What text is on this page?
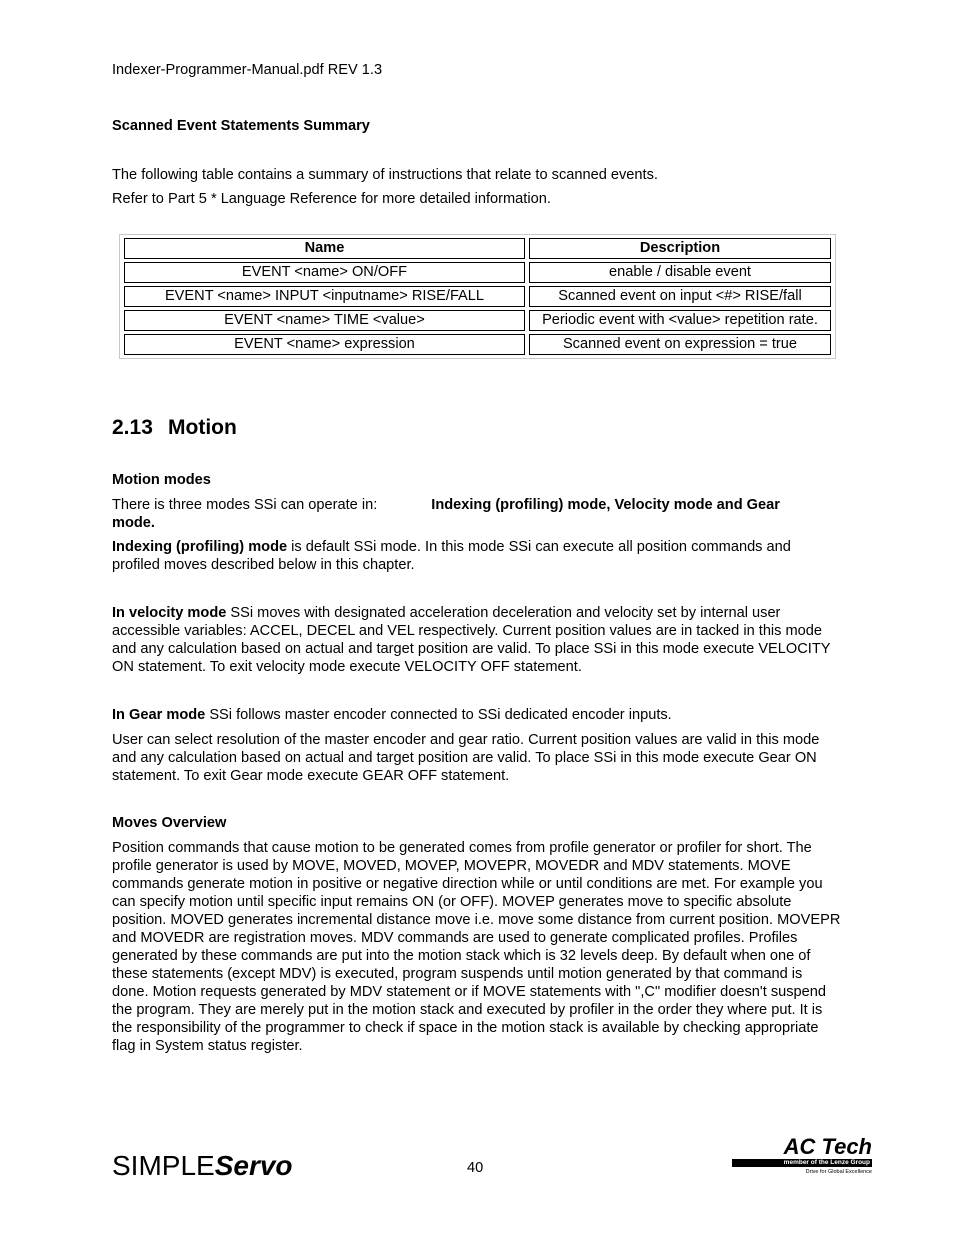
Indexer-Programmer-Manual.pdf REV 1.3
Scanned Event Statements Summary
The following table contains a summary of instructions that relate to scanned events.
Refer to Part 5 * Language Reference for more detailed information.
Name	Description
EVENT <name> ON/OFF	enable / disable event
EVENT <name> INPUT <inputname> RISE/FALL	Scanned event on input <#> RISE/fall
EVENT <name> TIME <value>	Periodic event with <value> repetition rate.
EVENT <name> expression	Scanned event on expression = true
2.13 Motion
Motion modes
There is three modes SSi can operate in:	Indexing (profiling) mode, Velocity mode and Gear
mode.
Indexing (profiling) mode is default SSi mode. In this mode SSi can execute all position commands and profiled moves described below in this chapter.
In velocity mode SSi moves with designated acceleration deceleration and velocity set by internal user accessible variables: ACCEL, DECEL and VEL respectively. Current position values are in tacked in this mode and any calculation based on actual and target position are valid. To place SSi in this mode execute VELOCITY ON statement. To exit velocity mode execute VELOCITY OFF statement.
In Gear mode SSi follows master encoder connected to SSi dedicated encoder inputs.
User can select resolution of the master encoder and gear ratio. Current position values are valid in this mode and any calculation based on actual and target position are valid. To place SSi in this mode execute Gear ON statement. To exit Gear mode execute GEAR OFF statement.
Moves Overview
Position commands that cause motion to be generated comes from profile generator or profiler for short. The profile generator is used by MOVE, MOVED, MOVEP, MOVEPR, MOVEDR and MDV statements. MOVE commands generate motion in positive or negative direction while or until conditions are met. For example you can specify motion until specific input remains ON (or OFF). MOVEP generates move to specific absolute position. MOVED generates incremental distance move i.e. move some distance from current position. MOVEPR and MOVEDR are registration moves. MDV commands are used to generate complicated profiles. Profiles generated by these commands are put into the motion stack which is 32 levels deep. By default when one of these statements (except MDV) is executed, program suspends until motion generated by that command is done. Motion requests generated by MDV statement or if MOVE statements with ",C" modifier doesn't suspend the program. They are merely put in the motion stack and executed by profiler in the order they where put. It is the responsibility of the programmer to check if space in the motion stack is available by checking appropriate flag in System status register.
SIMPLEServo	40
AC Tech
member of the Lenze Group
Drive for Global Excellence
